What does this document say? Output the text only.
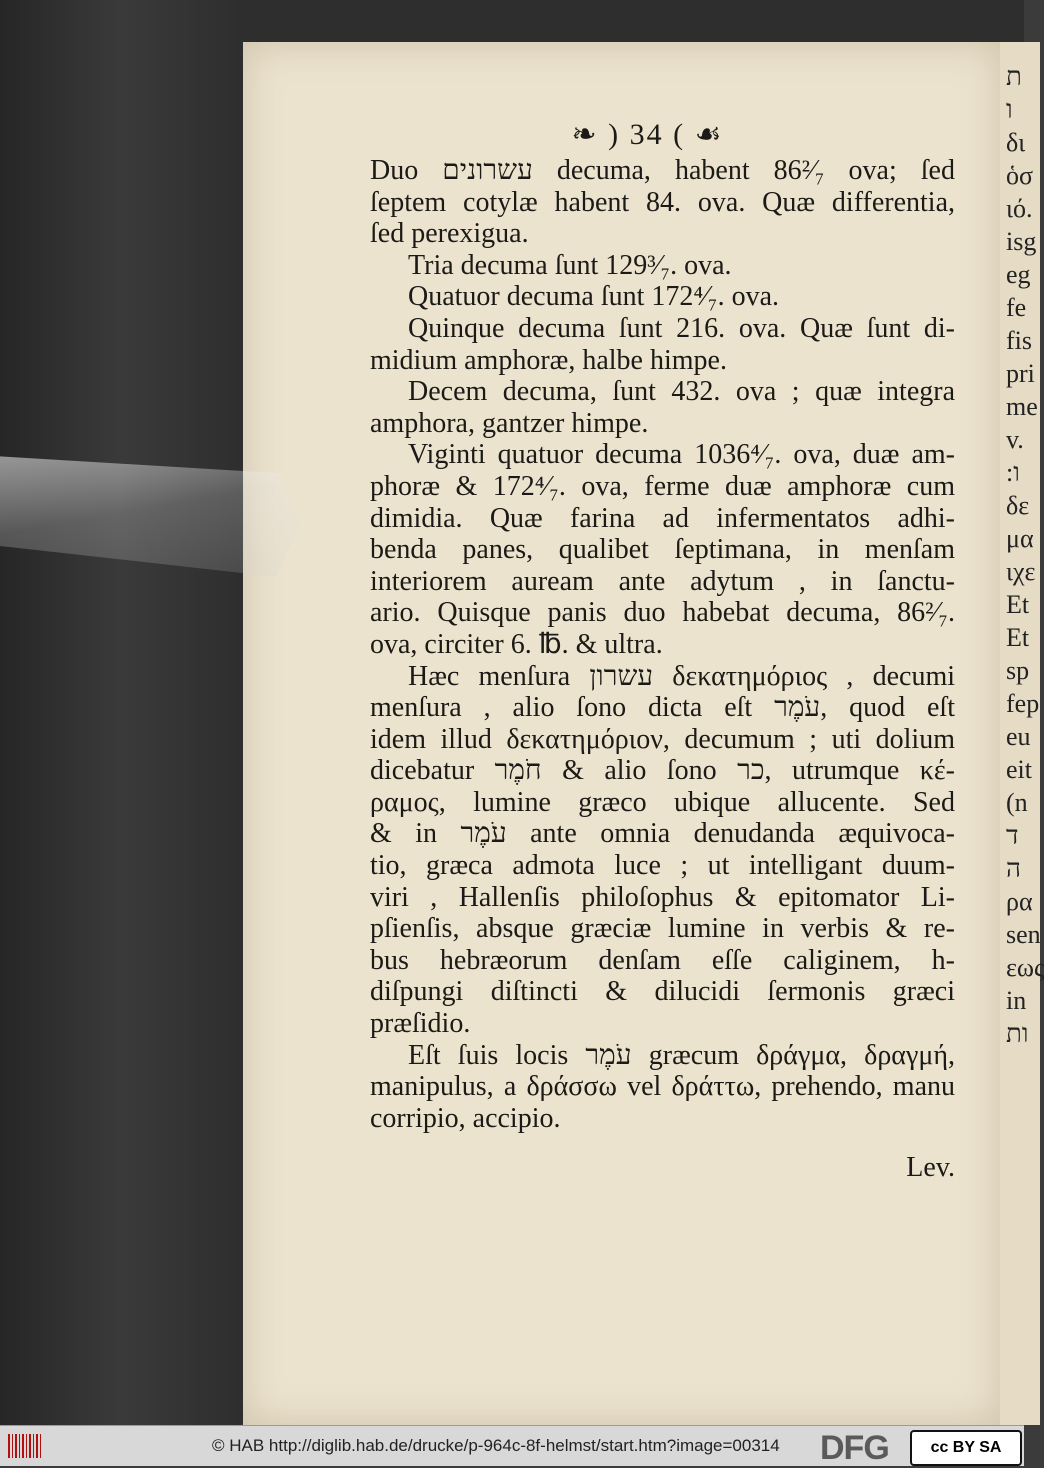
ת
ו
δι
ὁσ
ιό.
isg
eg
fe
fis
pri
me
v.
:ו
δε
μα
ιχε
Et
Et
sp
fep
eu
eit
(n
ד
ה
ρα
sen
εως
in
ות
❧ ) 34 ( ☙
Duo עשרונים decuma, habent 86²⁄₇ ova; ſed
ſeptem cotylæ habent 84. ova. Quæ differentia,
ſed perexigua.
Tria decuma ſunt 129³⁄₇. ova.
Quatuor decuma ſunt 172⁴⁄₇. ova.
Quinque decuma ſunt 216. ova. Quæ ſunt di-
midium amphoræ, halbe himpe.
Decem decuma, ſunt 432. ova ; quæ integra
amphora, gantzer himpe.
Viginti quatuor decuma 1036⁴⁄₇. ova, duæ am-
phoræ & 172⁴⁄₇. ova, ferme duæ amphoræ cum
dimidia. Quæ farina ad infermentatos adhi-
benda panes, qualibet ſeptimana, in menſam
interiorem auream ante adytum , in ſanctu-
ario. Quisque panis duo habebat decuma, 86²⁄₇.
ova, circiter 6. ℔. & ultra.
Hæc menſura עשרון δεκατημόριος , decumi
menſura , alio ſono dicta eſt עֹמֶר, quod eſt
idem illud δεκατημόριον, decumum ; uti dolium
dicebatur חֹמֶר & alio ſono כר, utrumque κέ-
ραμος, lumine græco ubique allucente. Sed
& in עֹמֶר ante omnia denudanda æquivoca-
tio, græca admota luce ; ut intelligant duum-
viri , Hallenſis philoſophus & epitomator Li-
pſienſis, absque græciæ lumine in verbis & re-
bus hebræorum denſam eſſe caliginem, h-
diſpungi diſtincti & dilucidi ſermonis græci
præſidio.
Eſt ſuis locis עֹמֶר græcum δράγμα, δραγμή,
manipulus, a δράσσω vel δράττω, prehendo, manu
corripio, accipio.
Lev.
© HAB http://diglib.hab.de/drucke/p-964c-8f-helmst/start.htm?image=00314 DFG	cc BY SA
